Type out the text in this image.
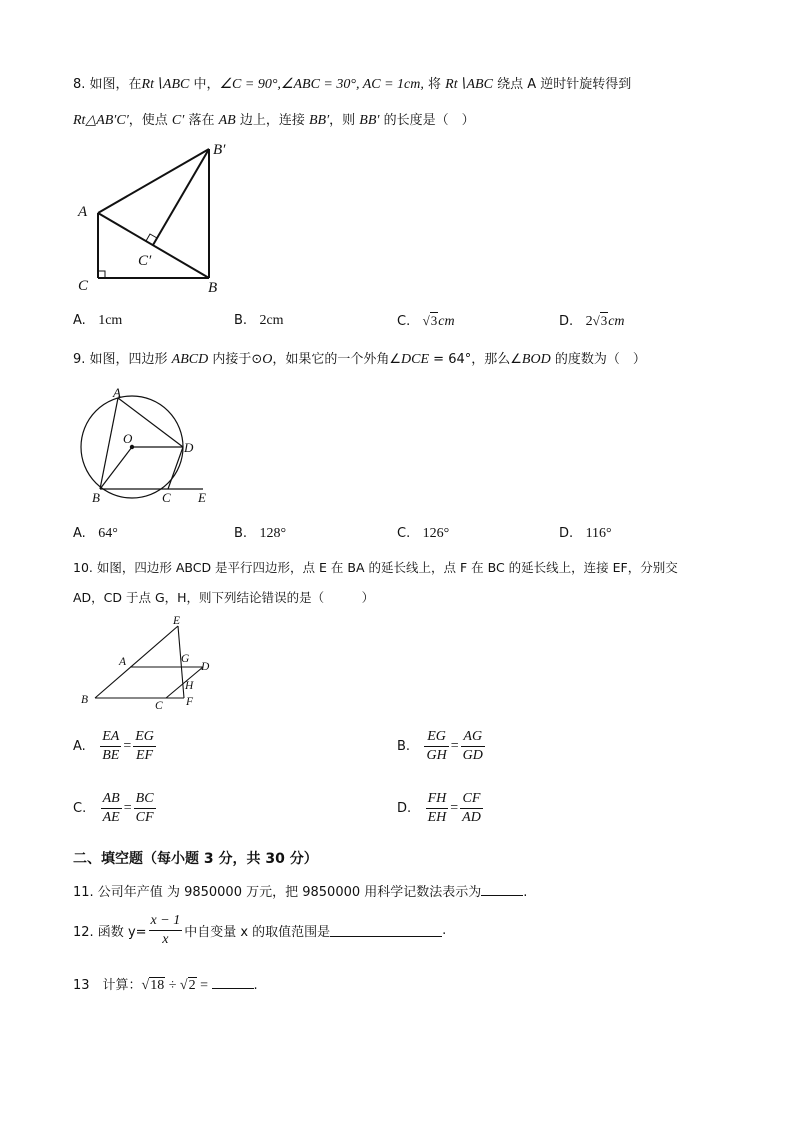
8. 如图，在Rt∖ABC 中，∠C = 90°,∠ABC = 30°, AC = 1cm, 将 Rt∖ABC 绕点 A 逆时针旋转得到
Rt△AB′C′，使点 C′ 落在 AB 边上，连接 BB′，则 BB′ 的长度是（　）
A
C	B
B′
C′
A. 1cm	B. 2cm	C. √3cm	D. 2√3cm
9. 如图，四边形 ABCD 内接于⊙O，如果它的一个外角∠DCE = 64°，那么∠BOD 的度数为（　）
A
O
D
B	C E
A. 64°	B. 128°	C. 126°	D. 116°
10. 如图，四边形 ABCD 是平行四边形，点 E 在 BA 的延长线上，点 F 在 BC 的延长线上，连接 EF，分别交
AD，CD 于点 G，H，则下列结论错误的是（　　　）
E
A	G
D
H
B	C F
A. $\frac{EA}{BE} = \frac{EG}{EF}$	B. $\frac{EG}{GH} = \frac{AG}{GD}$
C. $\frac{AB}{AE} = \frac{BC}{CF}$	D. $\frac{FH}{EH} = \frac{CF}{AD}$
二、填空题（每小题 3 分，共 30 分）
11. 公司年产值 为 9850000 万元，把 9850000 用科学记数法表示为	.
12. 函数 $y= \frac{x - 1}{x}$ 中自变量 x 的取值范围是	.
13　计算：√18 ÷ √2 =	.
